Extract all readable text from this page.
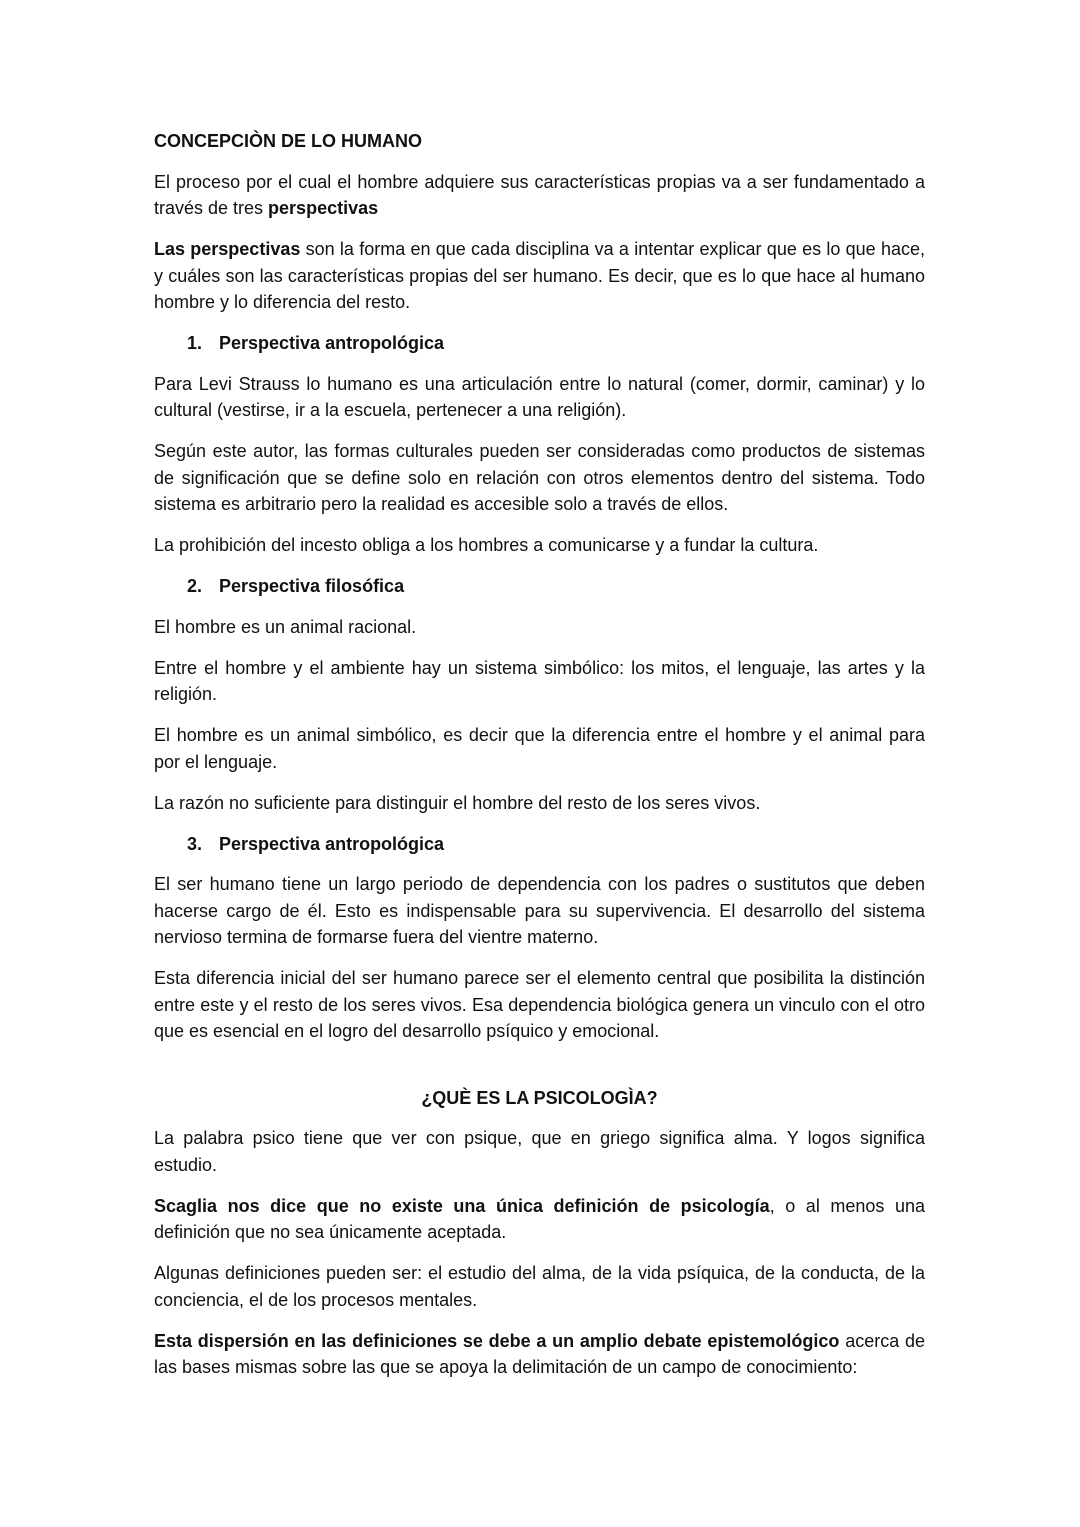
CONCEPCIÒN DE LO HUMANO

El proceso por el cual el hombre adquiere sus características propias va a ser fundamentado a través de tres perspectivas

Las perspectivas son la forma en que cada disciplina va a intentar explicar que es lo que hace, y cuáles son las características propias del ser humano. Es decir, que es lo que hace al humano hombre y lo diferencia del resto.

1. Perspectiva antropológica

Para Levi Strauss lo humano es una articulación entre lo natural (comer, dormir, caminar) y lo cultural (vestirse, ir a la escuela, pertenecer a una religión).

Según este autor, las formas culturales pueden ser consideradas como productos de sistemas de significación que se define solo en relación con otros elementos dentro del sistema. Todo sistema es arbitrario pero la realidad es accesible solo a través de ellos.

La prohibición del incesto obliga a los hombres a comunicarse y a fundar la cultura.

2. Perspectiva filosófica

El hombre es un animal racional.

Entre el hombre y el ambiente hay un sistema simbólico: los mitos, el lenguaje, las artes y la religión.

El hombre es un animal simbólico, es decir que la diferencia entre el hombre y el animal para por el lenguaje.

La razón no suficiente para distinguir el hombre del resto de los seres vivos.

3. Perspectiva antropológica

El ser humano tiene un largo periodo de dependencia con los padres o sustitutos que deben hacerse cargo de él. Esto es indispensable para su supervivencia. El desarrollo del sistema nervioso termina de formarse fuera del vientre materno.

Esta diferencia inicial del ser humano parece ser el elemento central que posibilita la distinción entre este y el resto de los seres vivos. Esa dependencia biológica genera un vinculo con el otro que es esencial en el logro del desarrollo psíquico y emocional.

¿QUÈ ES LA PSICOLOGÌA?

La palabra psico tiene que ver con psique, que en griego significa alma. Y logos significa estudio.

Scaglia nos dice que no existe una única definición de psicología, o al menos una definición que no sea únicamente aceptada.

Algunas definiciones pueden ser: el estudio del alma, de la vida psíquica, de la conducta, de la conciencia, el de los procesos mentales.

Esta dispersión en las definiciones se debe a un amplio debate epistemológico acerca de las bases mismas sobre las que se apoya la delimitación de un campo de conocimiento:
